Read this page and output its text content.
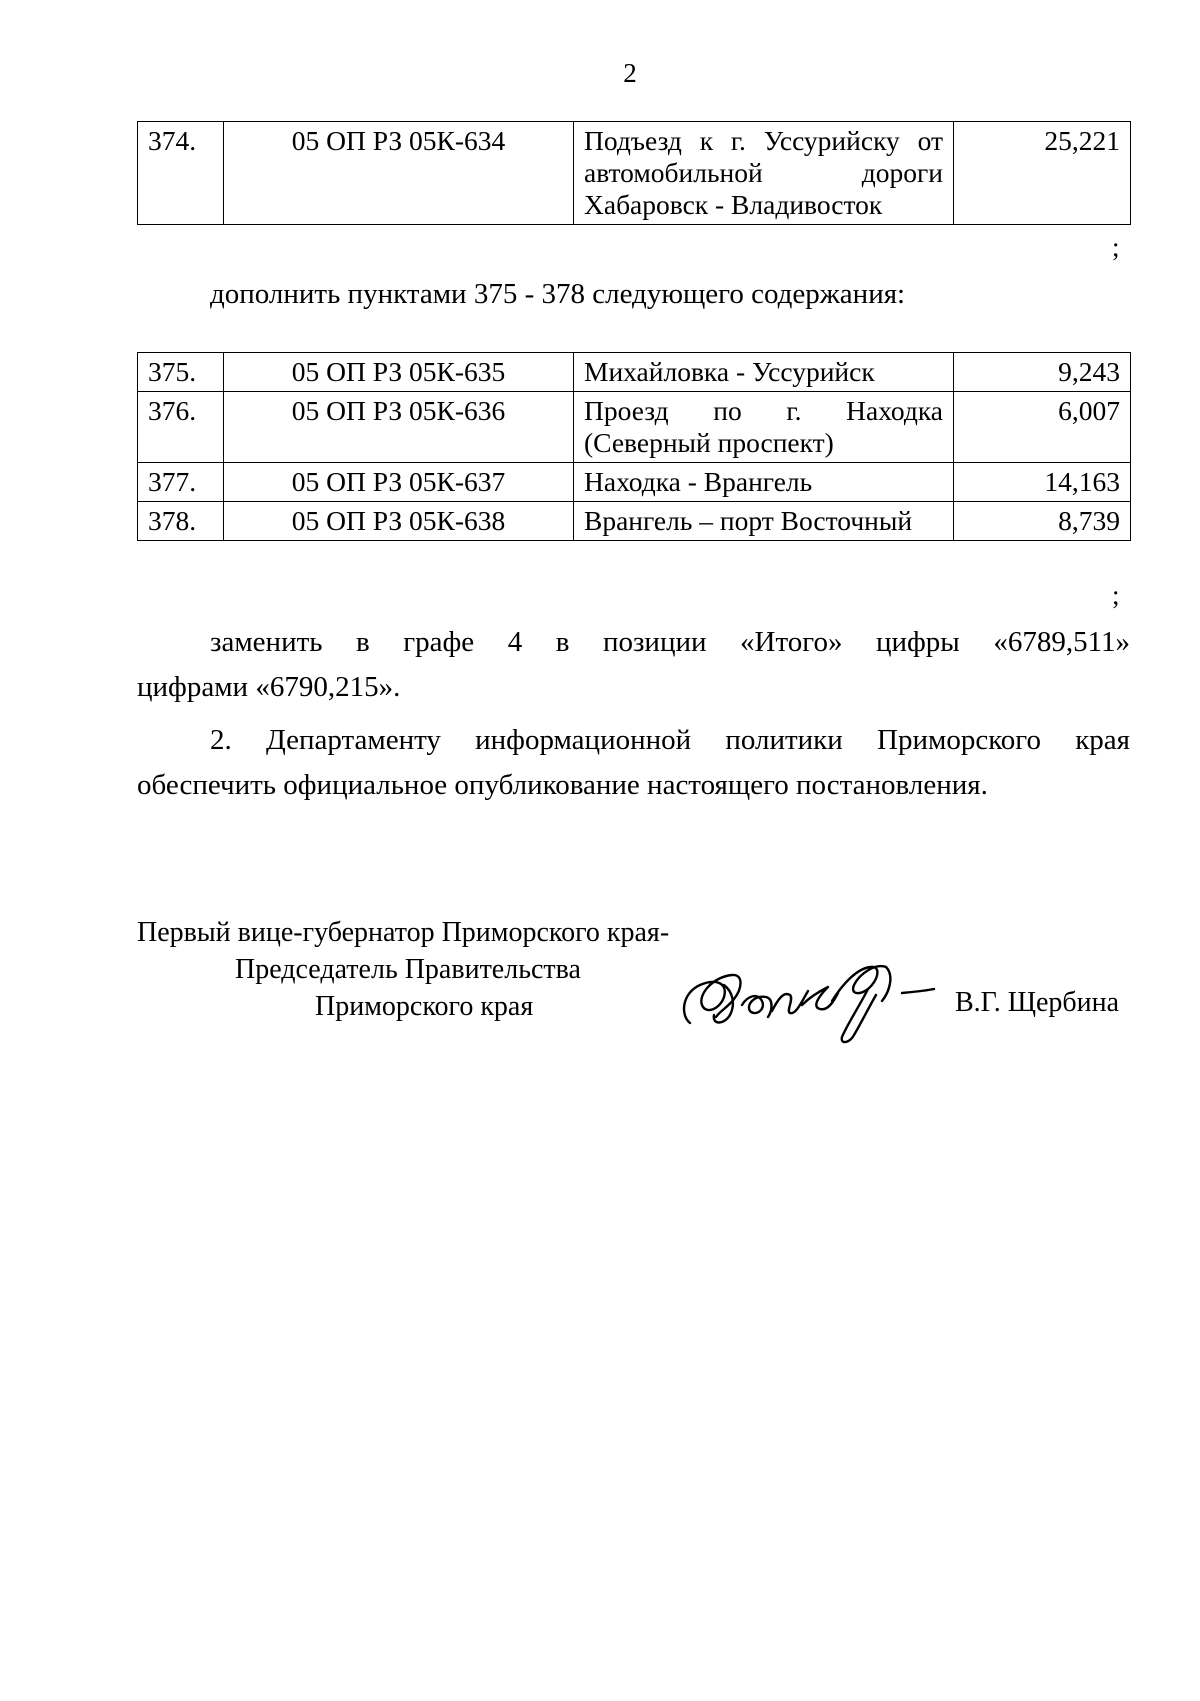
2
374.	05 ОП РЗ 05К-634	Подъезд к г. Уссурийску от автомобильной дороги Хабаровск - Владивосток	25,221
;
дополнить пунктами 375 - 378 следующего содержания:
375.	05 ОП РЗ 05К-635	Михайловка - Уссурийск	9,243
376.	05 ОП РЗ 05К-636	Проезд по г. Находка (Северный проспект)	6,007
377.	05 ОП РЗ 05К-637	Находка - Врангель	14,163
378.	05 ОП РЗ 05К-638	Врангель – порт Восточный	8,739
;
заменить в графе 4 в позиции «Итого» цифры «6789,511»
цифрами «6790,215».
2. Департаменту информационной политики Приморского края
обеспечить официальное опубликование настоящего постановления.
Первый вице-губернатор Приморского края-
Председатель Правительства
Приморского края	В.Г. Щербина
